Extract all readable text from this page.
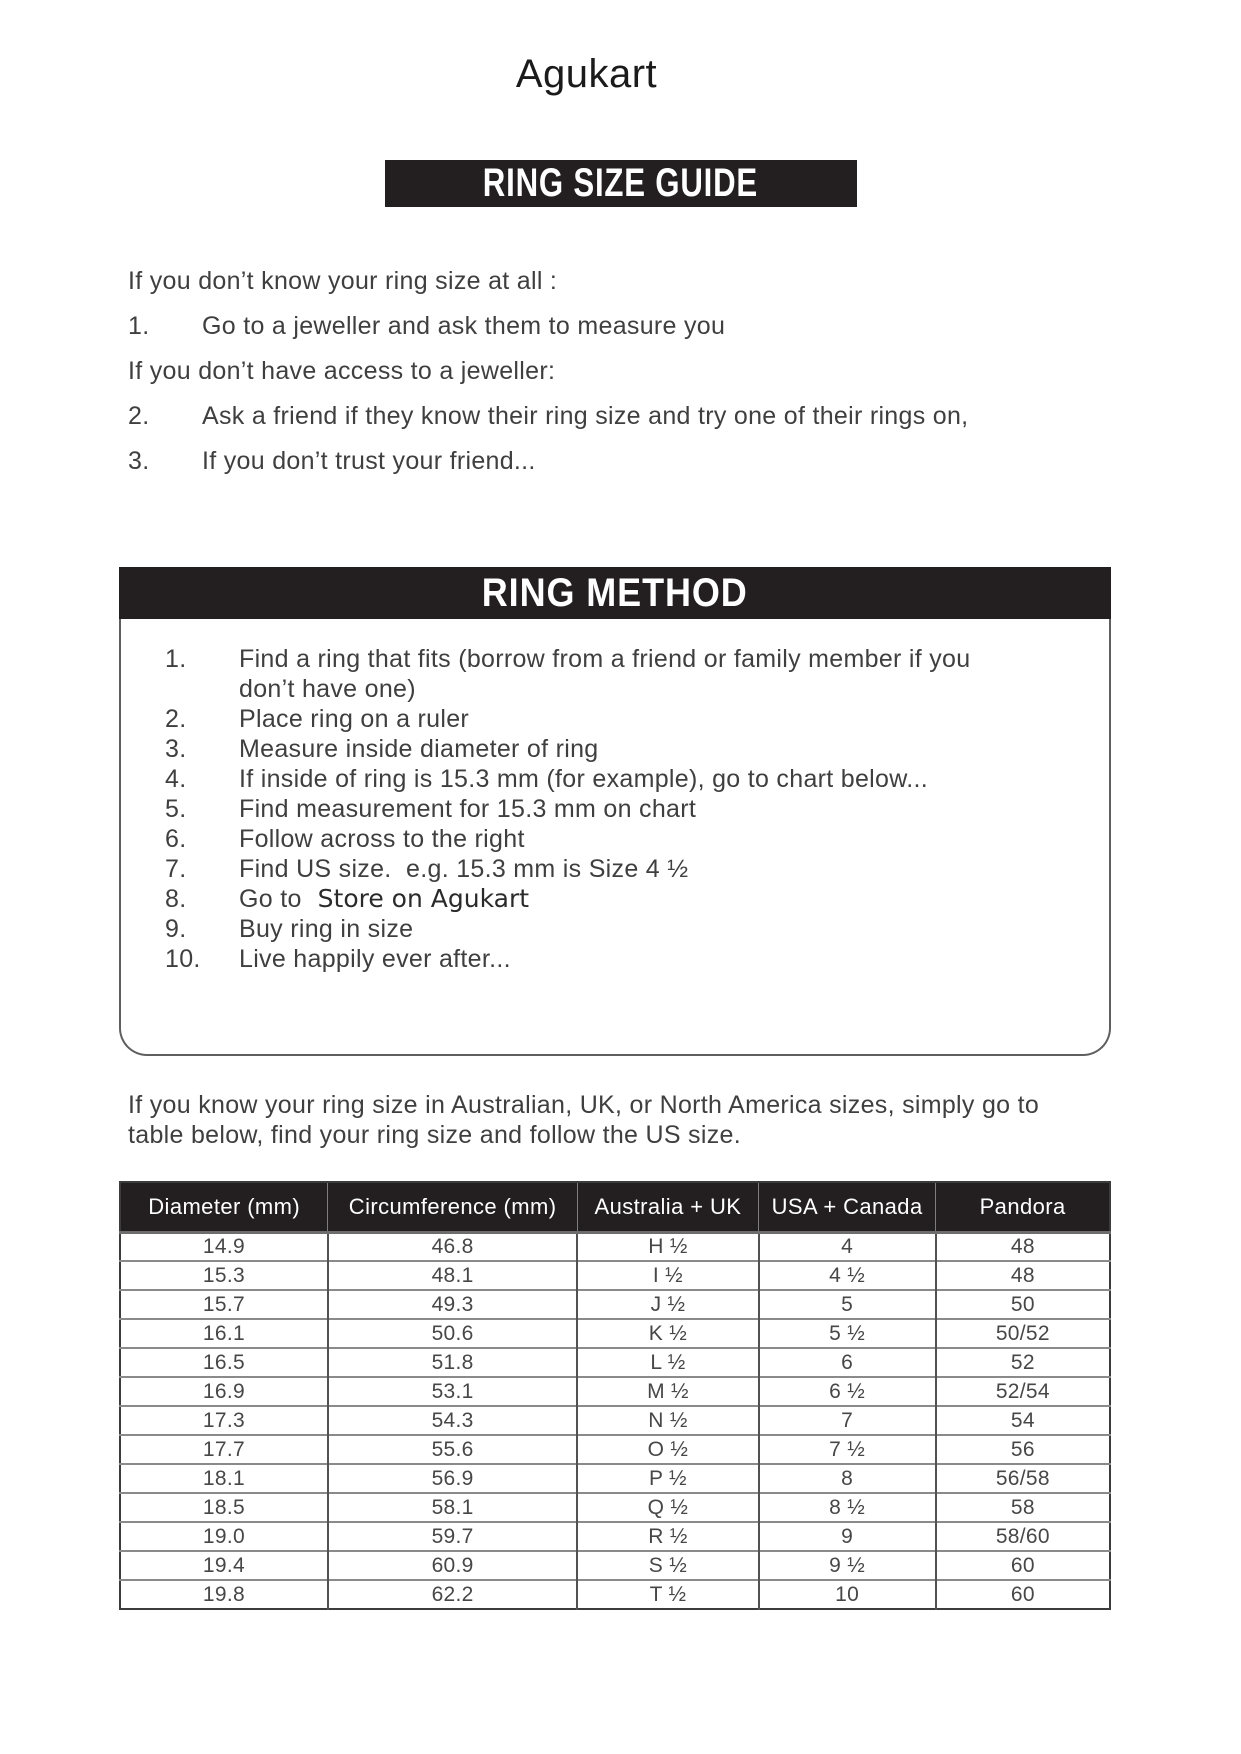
Agukart
RING SIZE GUIDE
If you don’t know your ring size at all :
1.	Go to a jeweller and ask them to measure you
If you don’t have access to a jeweller:
2.	Ask a friend if they know their ring size and try one of their rings on,
3.	If you don’t trust your friend...
RING METHOD
1.	Find a ring that fits (borrow from a friend or family member if you don’t have one)
2.	Place ring on a ruler
3.	Measure inside diameter of ring
4.	If inside of ring is 15.3 mm (for example), go to chart below...
5.	Find measurement for 15.3 mm on chart
6.	Follow across to the right
7.	Find US size.  e.g. 15.3 mm is Size 4 ½
8.	Go to Store on Agukart
9.	Buy ring in size
10.	Live happily ever after...
If you know your ring size in Australian, UK, or North America sizes, simply go to
table below, find your ring size and follow the US size.
Diameter (mm)	Circumference (mm)	Australia + UK	USA + Canada	Pandora
14.9	46.8	H ½	4	48
15.3	48.1	I ½	4 ½	48
15.7	49.3	J ½	5	50
16.1	50.6	K ½	5 ½	50/52
16.5	51.8	L ½	6	52
16.9	53.1	M ½	6 ½	52/54
17.3	54.3	N ½	7	54
17.7	55.6	O ½	7 ½	56
18.1	56.9	P ½	8	56/58
18.5	58.1	Q ½	8 ½	58
19.0	59.7	R ½	9	58/60
19.4	60.9	S ½	9 ½	60
19.8	62.2	T ½	10	60
